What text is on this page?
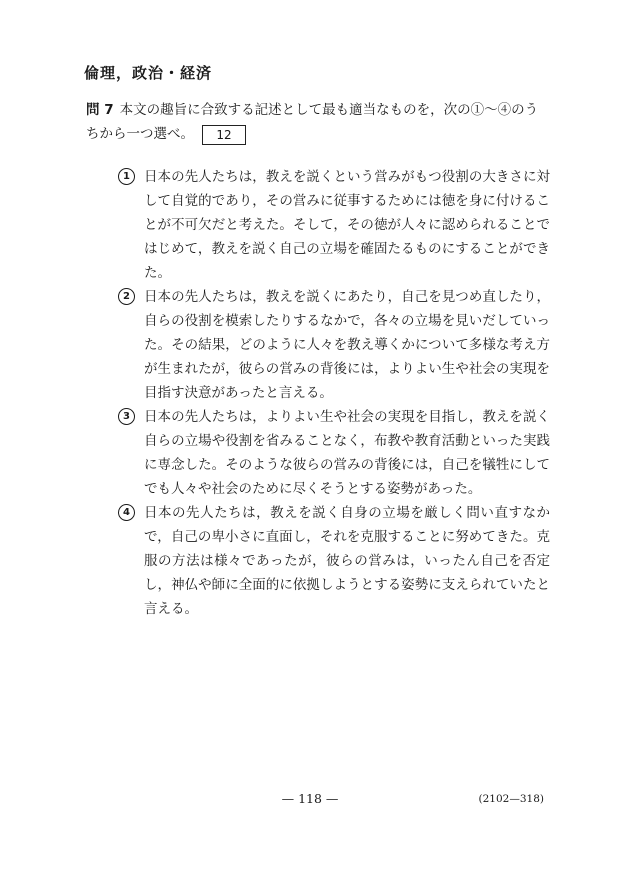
倫理，政治・経済
問 7 本文の趣旨に合致する記述として最も適当なものを，次の①～④のうちから一つ選べ。 12
1	日本の先人たちは，教えを説くという営みがもつ役割の大きさに対して自覚的であり，その営みに従事するためには徳を身に付けることが不可欠だと考えた。そして，その徳が人々に認められることではじめて，教えを説く自己の立場を確固たるものにすることができた。
2	日本の先人たちは，教えを説くにあたり，自己を見つめ直したり，自らの役割を模索したりするなかで，各々の立場を見いだしていった。その結果，どのように人々を教え導くかについて多様な考え方が生まれたが，彼らの営みの背後には，よりよい生や社会の実現を目指す決意があったと言える。
3	日本の先人たちは，よりよい生や社会の実現を目指し，教えを説く自らの立場や役割を省みることなく，布教や教育活動といった実践に専念した。そのような彼らの営みの背後には，自己を犠牲にしてでも人々や社会のために尽くそうとする姿勢があった。
4	日本の先人たちは，教えを説く自身の立場を厳しく問い直すなかで，自己の卑小さに直面し，それを克服することに努めてきた。克服の方法は様々であったが，彼らの営みは，いったん自己を否定し，神仏や師に全面的に依拠しようとする姿勢に支えられていたと言える。
— 118 —	(2102—318)
